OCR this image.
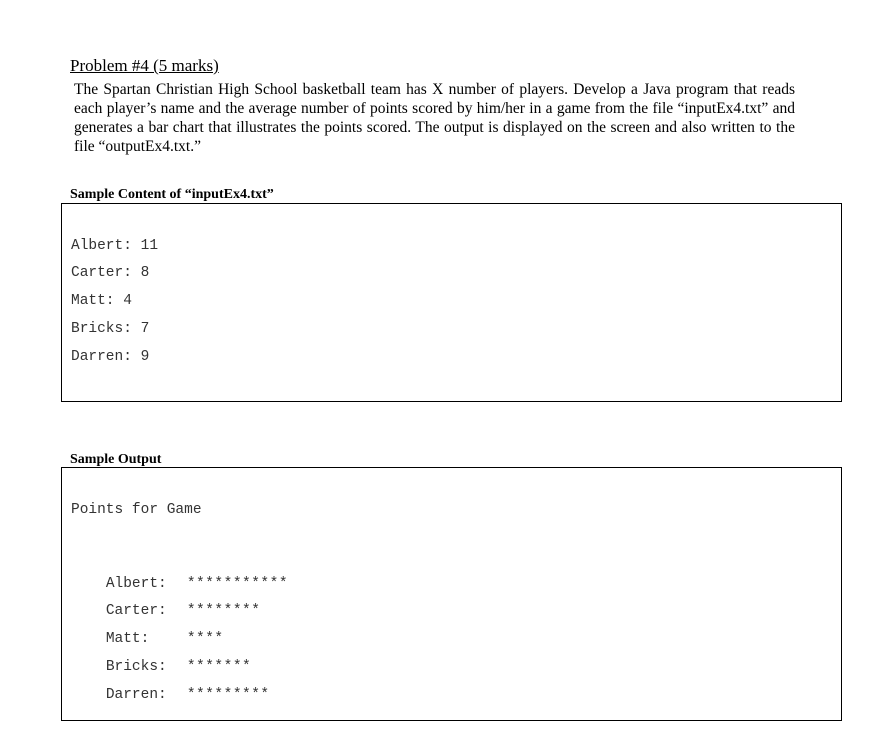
Problem #4 (5 marks)

The Spartan Christian High School basketball team has X number of players. Develop a Java program that reads each player’s name and the average number of points scored by him/her in a game from the file “inputEx4.txt” and generates a bar chart that illustrates the points scored. The output is displayed on the screen and also written to the file “outputEx4.txt.”

Sample Content of “inputEx4.txt”
Albert: 11
Carter: 8
Matt: 4
Bricks: 7
Darren: 9
Sample Output
Points for Game

Albert: ***********

Carter: ********

Matt:	****

Bricks: *******

Darren: *********
